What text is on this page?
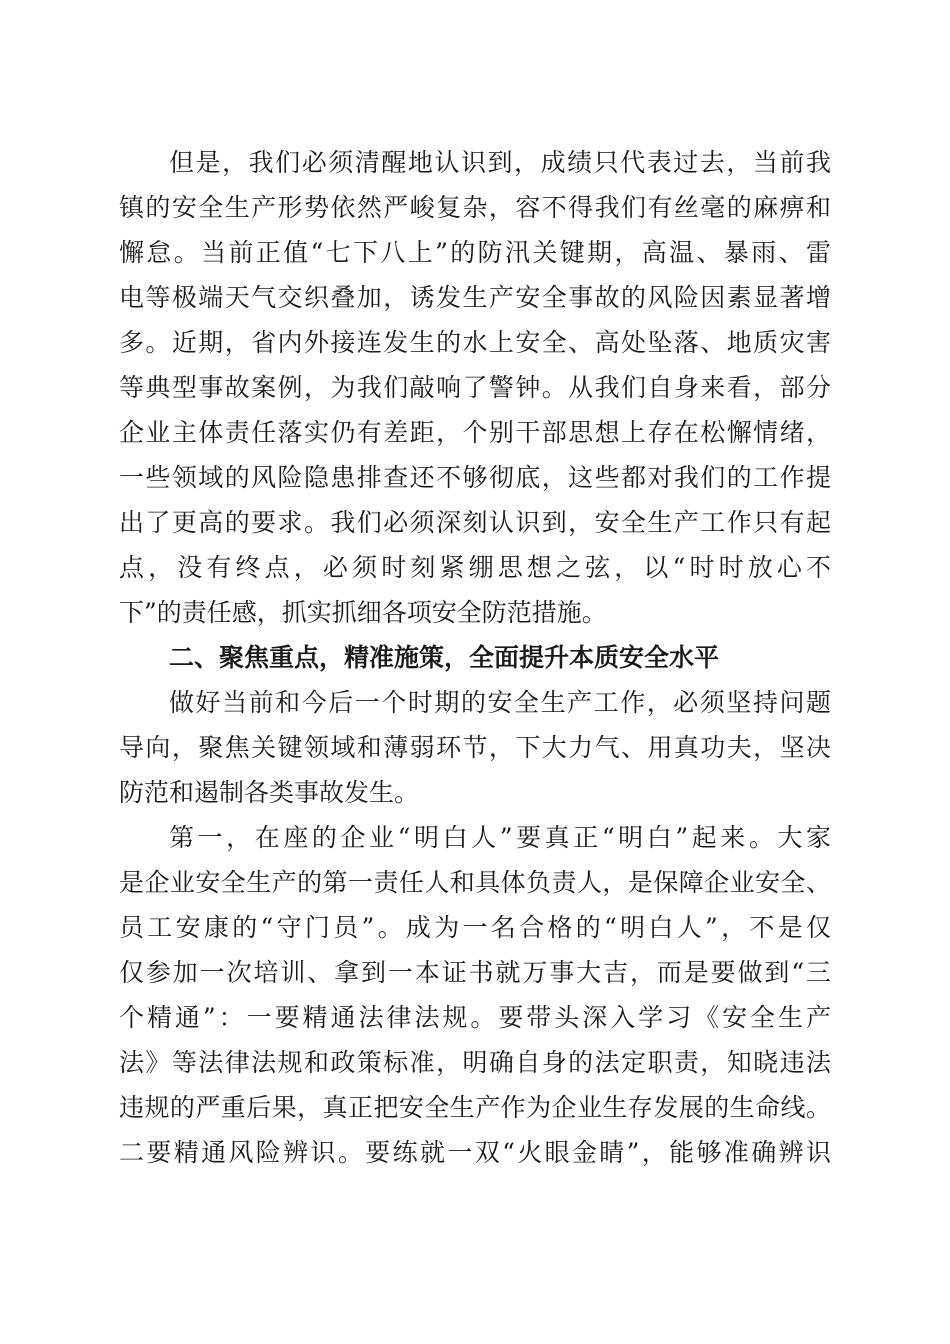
但是，我们必须清醒地认识到，成绩只代表过去，当前我
镇的安全生产形势依然严峻复杂，容不得我们有丝毫的麻痹和
懈怠。当前正值“七下八上”的防汛关键期，高温、暴雨、雷
电等极端天气交织叠加，诱发生产安全事故的风险因素显著增
多。近期，省内外接连发生的水上安全、高处坠落、地质灾害
等典型事故案例，为我们敲响了警钟。从我们自身来看，部分
企业主体责任落实仍有差距，个别干部思想上存在松懈情绪，
一些领域的风险隐患排查还不够彻底，这些都对我们的工作提
出了更高的要求。我们必须深刻认识到，安全生产工作只有起
点，没有终点，必须时刻紧绷思想之弦，以“时时放心不
下”的责任感，抓实抓细各项安全防范措施。
二、聚焦重点，精准施策，全面提升本质安全水平
做好当前和今后一个时期的安全生产工作，必须坚持问题
导向，聚焦关键领域和薄弱环节，下大力气、用真功夫，坚决
防范和遏制各类事故发生。
第一，在座的企业“明白人”要真正“明白”起来。大家
是企业安全生产的第一责任人和具体负责人，是保障企业安全、
员工安康的“守门员”。成为一名合格的“明白人”，不是仅
仅参加一次培训、拿到一本证书就万事大吉，而是要做到“三
个精通”：一要精通法律法规。要带头深入学习《安全生产
法》等法律法规和政策标准，明确自身的法定职责，知晓违法
违规的严重后果，真正把安全生产作为企业生存发展的生命线。
二要精通风险辨识。要练就一双“火眼金睛”，能够准确辨识
